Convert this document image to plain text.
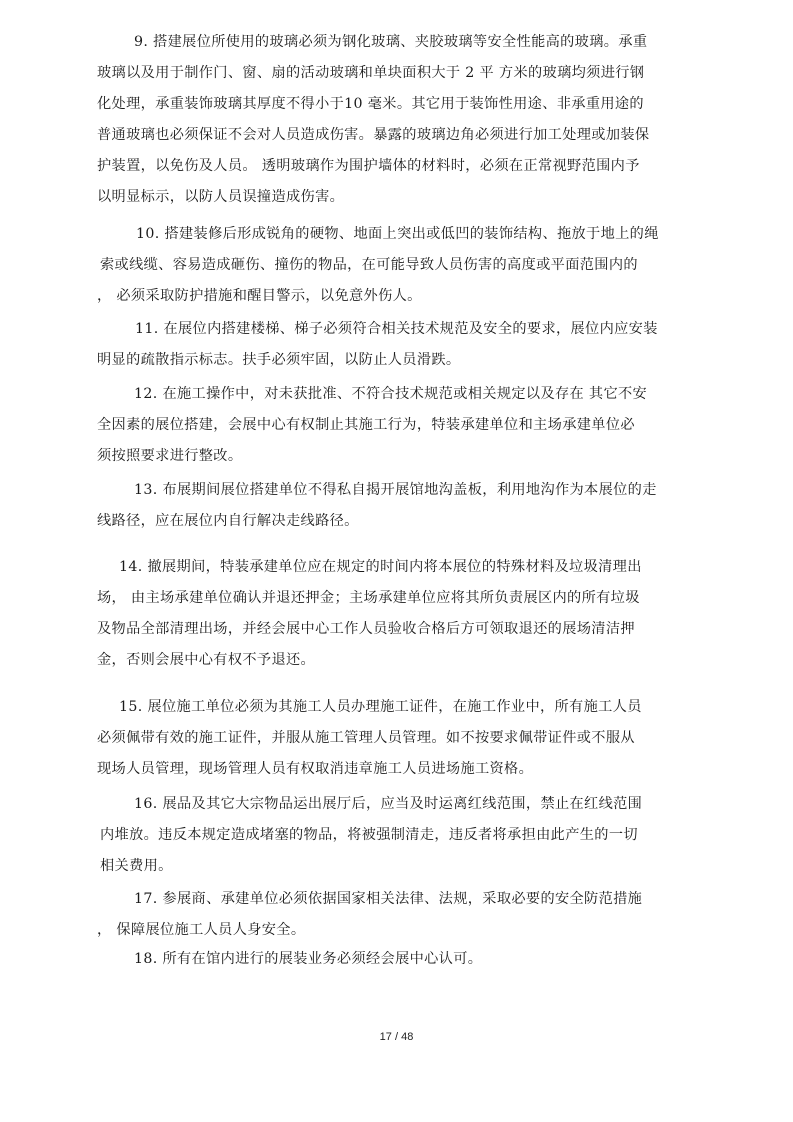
9. 搭建展位所使用的玻璃必须为钢化玻璃、夹胶玻璃等安全性能高的玻璃。承重
玻璃以及用于制作门、窗、扇的活动玻璃和单块面积大于 2 平 方米的玻璃均须进行钢
化处理，承重装饰玻璃其厚度不得小于10 毫米。其它用于装饰性用途、非承重用途的
普通玻璃也必须保证不会对人员造成伤害。暴露的玻璃边角必须进行加工处理或加装保
护装置，以免伤及人员。 透明玻璃作为围护墙体的材料时，必须在正常视野范围内予
以明显标示，以防人员误撞造成伤害。
10. 搭建装修后形成锐角的硬物、地面上突出或低凹的装饰结构、拖放于地上的绳
索或线缆、容易造成砸伤、撞伤的物品，在可能导致人员伤害的高度或平面范围内的
， 必须采取防护措施和醒目警示，以免意外伤人。
11. 在展位内搭建楼梯、梯子必须符合相关技术规范及安全的要求，展位内应安装
明显的疏散指示标志。扶手必须牢固，以防止人员滑跌。
12. 在施工操作中，对未获批准、不符合技术规范或相关规定以及存在 其它不安
全因素的展位搭建，会展中心有权制止其施工行为，特装承建单位和主场承建单位必
须按照要求进行整改。
13. 布展期间展位搭建单位不得私自揭开展馆地沟盖板，利用地沟作为本展位的走
线路径，应在展位内自行解决走线路径。
14. 撤展期间，特装承建单位应在规定的时间内将本展位的特殊材料及垃圾清理出
场， 由主场承建单位确认并退还押金；主场承建单位应将其所负责展区内的所有垃圾
及物品全部清理出场，并经会展中心工作人员验收合格后方可领取退还的展场清洁押
金，否则会展中心有权不予退还。
15. 展位施工单位必须为其施工人员办理施工证件，在施工作业中，所有施工人员
必须佩带有效的施工证件，并服从施工管理人员管理。如不按要求佩带证件或不服从
现场人员管理，现场管理人员有权取消违章施工人员进场施工资格。
16. 展品及其它大宗物品运出展厅后，应当及时运离红线范围，禁止在红线范围
内堆放。违反本规定造成堵塞的物品，将被强制清走，违反者将承担由此产生的一切
相关费用。
17. 参展商、承建单位必须依据国家相关法律、法规，采取必要的安全防范措施
， 保障展位施工人员人身安全。
18. 所有在馆内进行的展装业务必须经会展中心认可。
17 / 48
